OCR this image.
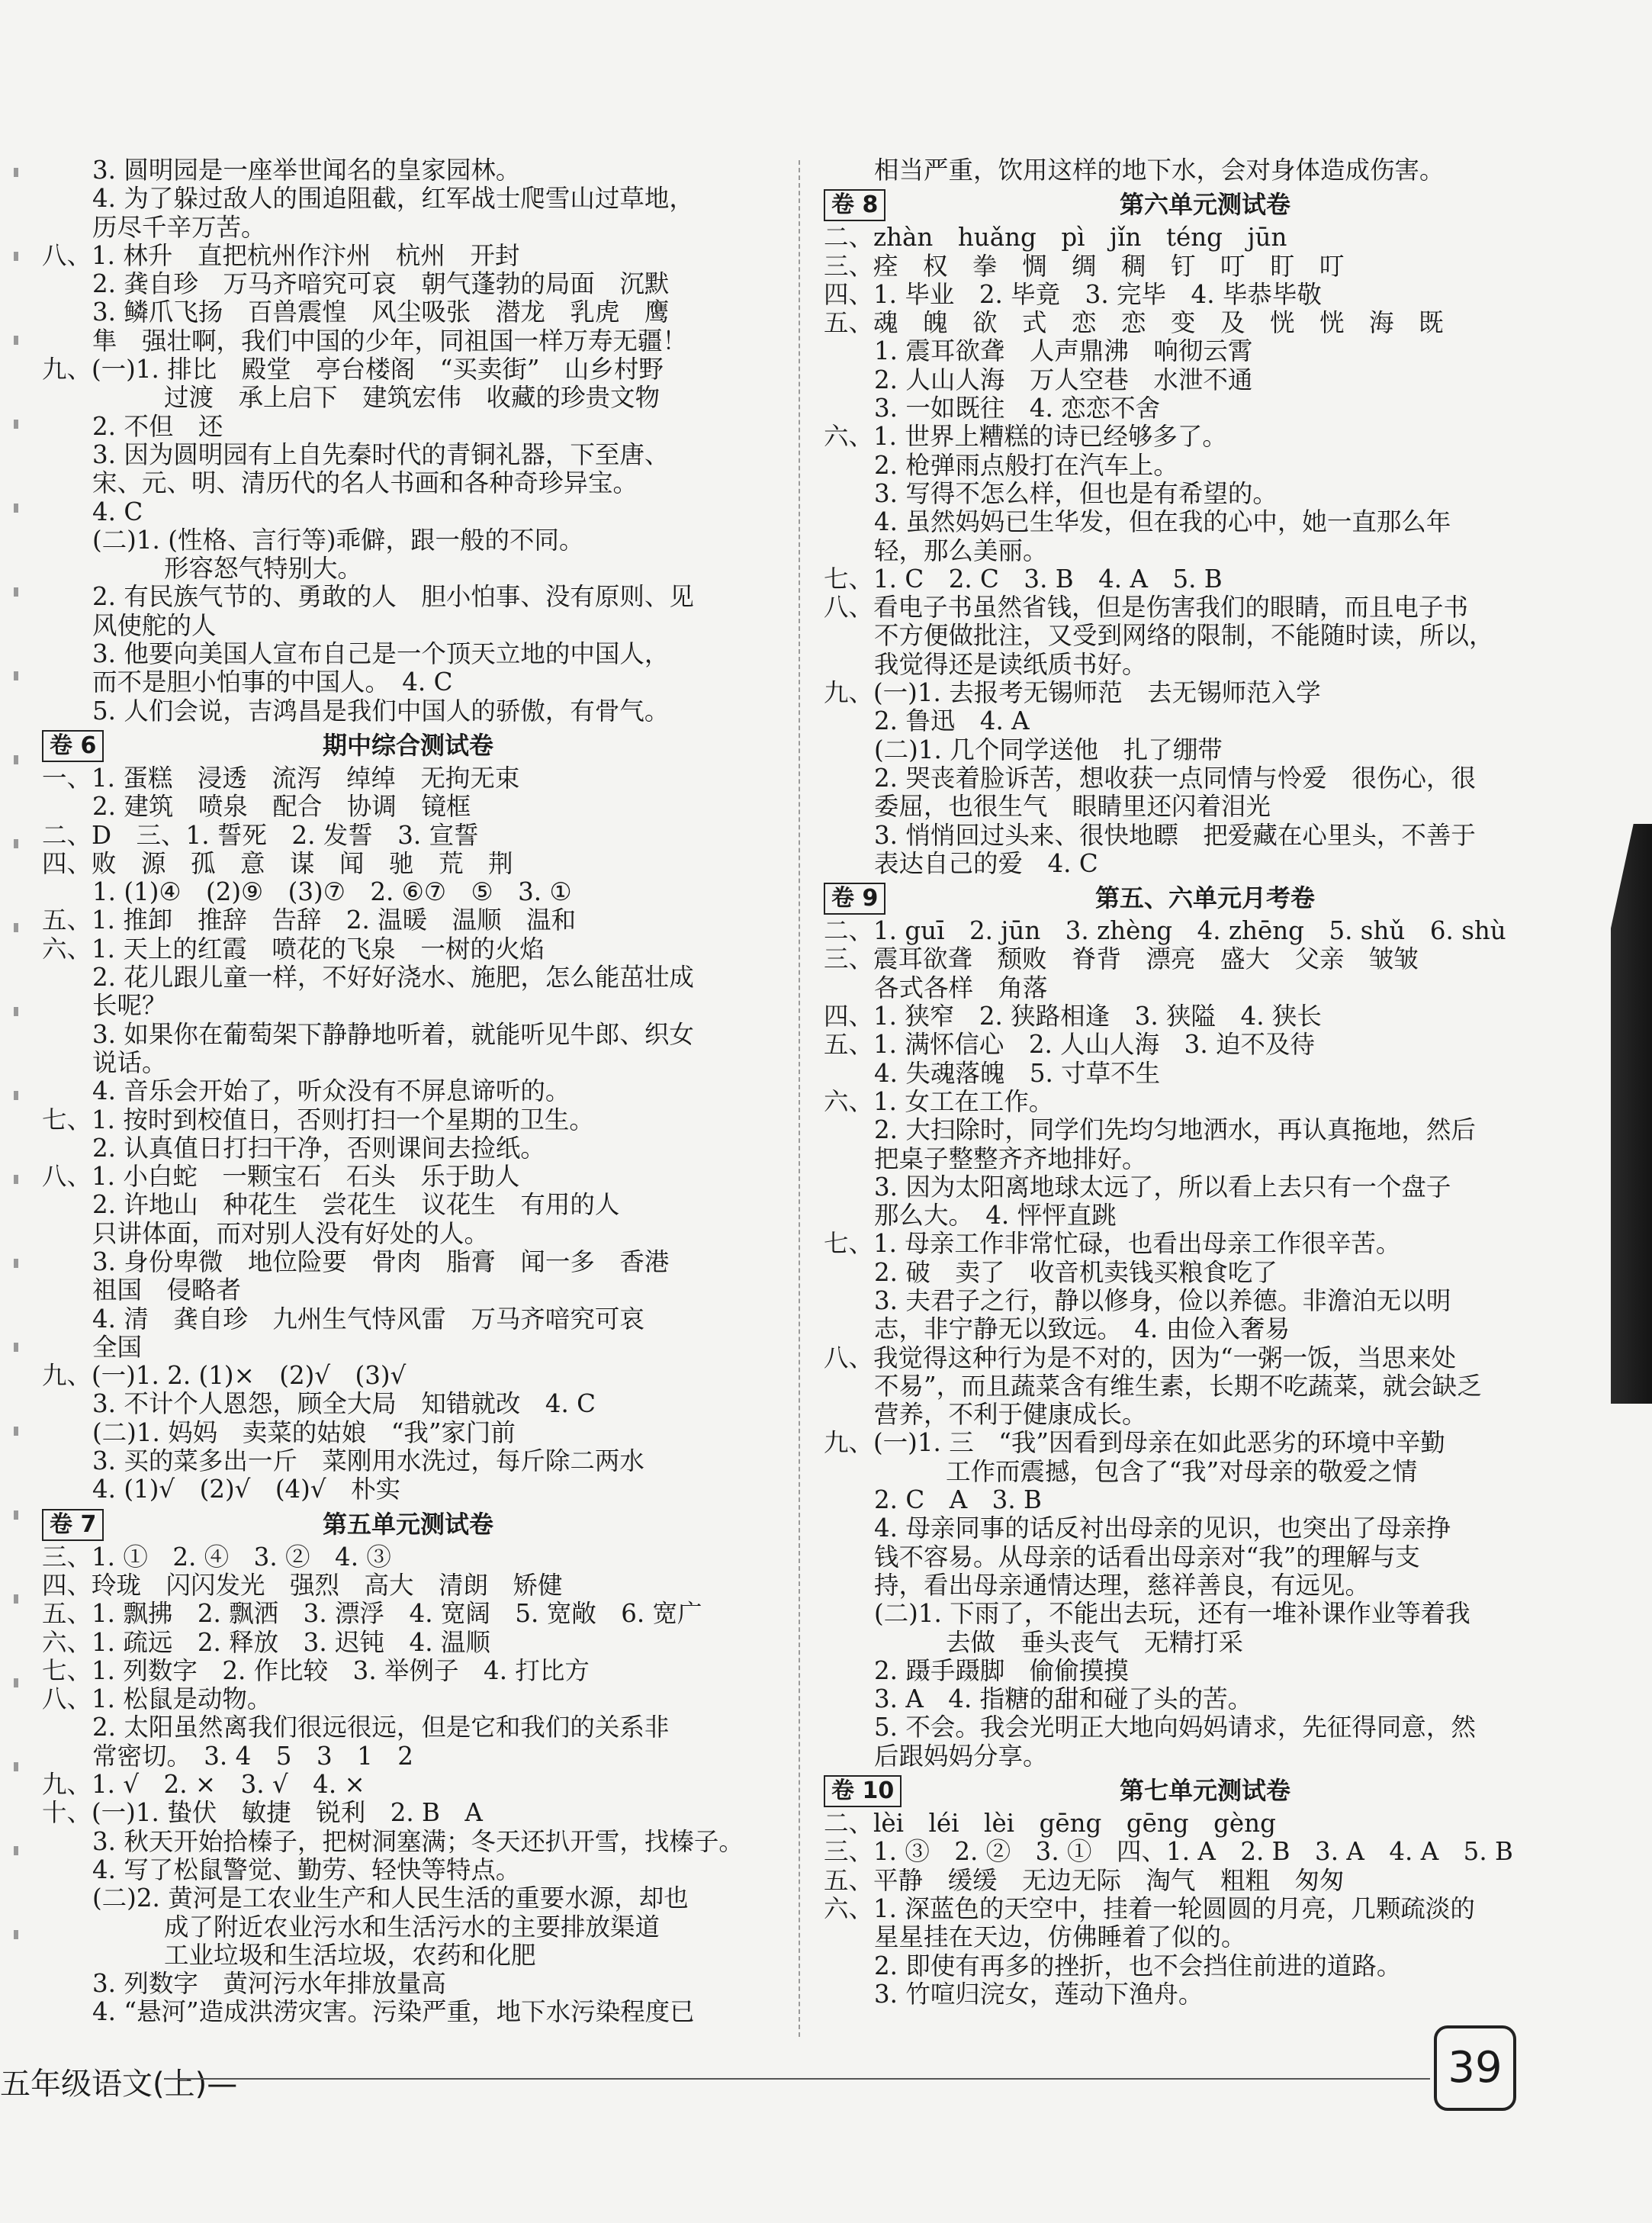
3. 圆明园是一座举世闻名的皇家园林。
4. 为了躲过敌人的围追阻截，红军战士爬雪山过草地，
历尽千辛万苦。
八、1. 林升　直把杭州作汴州　杭州　开封
2. 龚自珍　万马齐喑究可哀　朝气蓬勃的局面　沉默
3. 鳞爪飞扬　百兽震惶　风尘吸张　潜龙　乳虎　鹰
隼　强壮啊，我们中国的少年，同祖国一样万寿无疆！
九、(一)1. 排比　殿堂　亭台楼阁　“买卖街”　山乡村野
过渡　承上启下　建筑宏伟　收藏的珍贵文物
2. 不但　还
3. 因为圆明园有上自先秦时代的青铜礼器，下至唐、
宋、元、明、清历代的名人书画和各种奇珍异宝。
4. C
(二)1. (性格、言行等)乖僻，跟一般的不同。
形容怒气特别大。
2. 有民族气节的、勇敢的人　胆小怕事、没有原则、见
风使舵的人
3. 他要向美国人宣布自己是一个顶天立地的中国人，
而不是胆小怕事的中国人。　4. C
5. 人们会说，吉鸿昌是我们中国人的骄傲，有骨气。
卷 6	期中综合测试卷
一、1. 蛋糕　浸透　流泻　绰绰　无拘无束
2. 建筑　喷泉　配合　协调　镜框
二、D　三、1. 誓死　2. 发誓　3. 宣誓
四、败　源　孤　意　谋　闻　驰　荒　荆
1. (1)④　(2)⑨　(3)⑦　2. ⑥⑦　⑤　3. ①
五、1. 推卸　推辞　告辞　2. 温暖　温顺　温和
六、1. 天上的红霞　喷花的飞泉　一树的火焰
2. 花儿跟儿童一样，不好好浇水、施肥，怎么能茁壮成
长呢？
3. 如果你在葡萄架下静静地听着，就能听见牛郎、织女
说话。
4. 音乐会开始了，听众没有不屏息谛听的。
七、1. 按时到校值日，否则打扫一个星期的卫生。
2. 认真值日打扫干净，否则课间去捡纸。
八、1. 小白蛇　一颗宝石　石头　乐于助人
2. 许地山　种花生　尝花生　议花生　有用的人
只讲体面，而对别人没有好处的人。
3. 身份卑微　地位险要　骨肉　脂膏　闻一多　香港
祖国　侵略者
4. 清　龚自珍　九州生气恃风雷　万马齐喑究可哀
全国
九、(一)1. 2. (1)×　(2)√　(3)√
3. 不计个人恩怨，顾全大局　知错就改　4. C
(二)1. 妈妈　卖菜的姑娘　“我”家门前
3. 买的菜多出一斤　菜刚用水洗过，每斤除二两水
4. (1)√　(2)√　(4)√　朴实
卷 7	第五单元测试卷
三、1. ①　2. ④　3. ②　4. ③
四、玲珑　闪闪发光　强烈　高大　清朗　矫健
五、1. 飘拂　2. 飘洒　3. 漂浮　4. 宽阔　5. 宽敞　6. 宽广
六、1. 疏远　2. 释放　3. 迟钝　4. 温顺
七、1. 列数字　2. 作比较　3. 举例子　4. 打比方
八、1. 松鼠是动物。
2. 太阳虽然离我们很远很远，但是它和我们的关系非
常密切。　3. 4　5　3　1　2
九、1. √　2. ×　3. √　4. ×
十、(一)1. 蛰伏　敏捷　锐利　2. B　A
3. 秋天开始拾榛子，把树洞塞满；冬天还扒开雪，找榛子。
4. 写了松鼠警觉、勤劳、轻快等特点。
(二)2. 黄河是工农业生产和人民生活的重要水源，却也
成了附近农业污水和生活污水的主要排放渠道
工业垃圾和生活垃圾，农药和化肥
3. 列数字　黄河污水年排放量高
4. “悬河”造成洪涝灾害。污染严重，地下水污染程度已
相当严重，饮用这样的地下水，会对身体造成伤害。
卷 8	第六单元测试卷
二、zhàn　huǎng　pì　jǐn　téng　jūn
三、痊　权　拳　惆　绸　稠　钉　叮　盯　叮
四、1. 毕业　2. 毕竟　3. 完毕　4. 毕恭毕敬
五、魂　魄　欲　式　恋　恋　变　及　恍　恍　海　既
1. 震耳欲聋　人声鼎沸　响彻云霄
2. 人山人海　万人空巷　水泄不通
3. 一如既往　4. 恋恋不舍
六、1. 世界上糟糕的诗已经够多了。
2. 枪弹雨点般打在汽车上。
3. 写得不怎么样，但也是有希望的。
4. 虽然妈妈已生华发，但在我的心中，她一直那么年
轻，那么美丽。
七、1. C　2. C　3. B　4. A　5. B
八、看电子书虽然省钱，但是伤害我们的眼睛，而且电子书
不方便做批注，又受到网络的限制，不能随时读，所以，
我觉得还是读纸质书好。
九、(一)1. 去报考无锡师范　去无锡师范入学
2. 鲁迅　4. A
(二)1. 几个同学送他　扎了绷带
2. 哭丧着脸诉苦，想收获一点同情与怜爱　很伤心，很
委屈，也很生气　眼睛里还闪着泪光
3. 悄悄回过头来、很快地瞟　把爱藏在心里头，不善于
表达自己的爱　4. C
卷 9	第五、六单元月考卷
二、1. guī　2. jūn　3. zhèng　4. zhēng　5. shǔ　6. shù
三、震耳欲聋　颓败　脊背　漂亮　盛大　父亲　皱皱
各式各样　角落
四、1. 狭窄　2. 狭路相逢　3. 狭隘　4. 狭长
五、1. 满怀信心　2. 人山人海　3. 迫不及待
4. 失魂落魄　5. 寸草不生
六、1. 女工在工作。
2. 大扫除时，同学们先均匀地洒水，再认真拖地，然后
把桌子整整齐齐地排好。
3. 因为太阳离地球太远了，所以看上去只有一个盘子
那么大。　4. 怦怦直跳
七、1. 母亲工作非常忙碌，也看出母亲工作很辛苦。
2. 破　卖了　收音机卖钱买粮食吃了
3. 夫君子之行，静以修身，俭以养德。非澹泊无以明
志，非宁静无以致远。　4. 由俭入奢易
八、我觉得这种行为是不对的，因为“一粥一饭，当思来处
不易”，而且蔬菜含有维生素，长期不吃蔬菜，就会缺乏
营养，不利于健康成长。
九、(一)1. 三　“我”因看到母亲在如此恶劣的环境中辛勤
工作而震撼，包含了“我”对母亲的敬爱之情
2. C　A　3. B
4. 母亲同事的话反衬出母亲的见识，也突出了母亲挣
钱不容易。从母亲的话看出母亲对“我”的理解与支
持，看出母亲通情达理，慈祥善良，有远见。
(二)1. 下雨了，不能出去玩，还有一堆补课作业等着我
去做　垂头丧气　无精打采
2. 蹑手蹑脚　偷偷摸摸
3. A　4. 指糖的甜和碰了头的苦。
5. 不会。我会光明正大地向妈妈请求，先征得同意，然
后跟妈妈分享。
卷 10	第七单元测试卷
二、lèi　léi　lèi　gēng　gēng　gèng
三、1. ③　2. ②　3. ①　四、1. A　2. B　3. A　4. A　5. B
五、平静　缓缓　无边无际　淘气　粗粗　匆匆
六、1. 深蓝色的天空中，挂着一轮圆圆的月亮，几颗疏淡的
星星挂在天边，仿佛睡着了似的。
2. 即使有再多的挫折，也不会挡住前进的道路。
3. 竹喧归浣女，莲动下渔舟。
五年级语文(上)—	39
